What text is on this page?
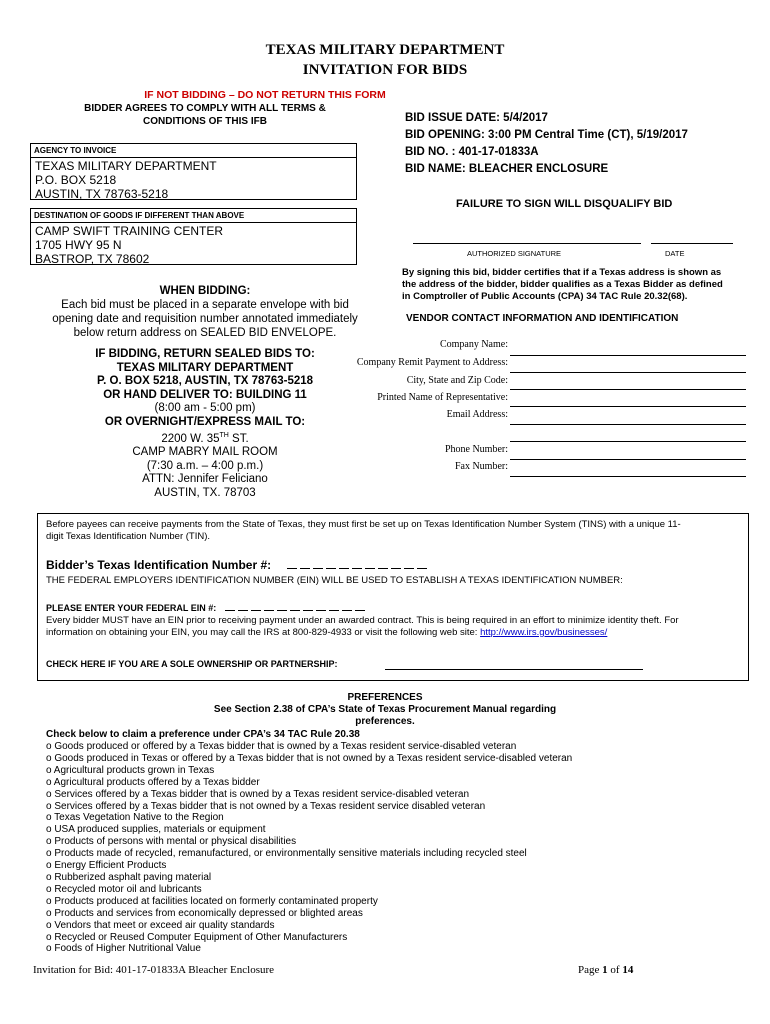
TEXAS MILITARY DEPARTMENT
INVITATION FOR BIDS
IF NOT BIDDING – DO NOT RETURN THIS FORM
BIDDER AGREES TO COMPLY WITH ALL TERMS &
CONDITIONS OF THIS IFB	BID ISSUE DATE: 5/4/2017
BID OPENING: 3:00 PM Central Time (CT), 5/19/2017
BID NO. : 401-17-01833A
BID NAME: BLEACHER ENCLOSURE
AGENCY TO INVOICE
TEXAS MILITARY DEPARTMENT
P.O. BOX 5218
AUSTIN, TX 78763-5218
DESTINATION OF GOODS IF DIFFERENT THAN ABOVE
CAMP SWIFT TRAINING CENTER
1705 HWY 95 N
BASTROP, TX 78602
FAILURE TO SIGN WILL DISQUALIFY BID
AUTHORIZED SIGNATURE	DATE
By signing this bid, bidder certifies that if a Texas address is shown as
the address of the bidder, bidder qualifies as a Texas Bidder as defined
in Comptroller of Public Accounts (CPA) 34 TAC Rule 20.32(68).
WHEN BIDDING:
Each bid must be placed in a separate envelope with bid
opening date and requisition number annotated immediately
below return address on SEALED BID ENVELOPE.
IF BIDDING, RETURN SEALED BIDS TO:
TEXAS MILITARY DEPARTMENT
P. O. BOX 5218, AUSTIN, TX 78763-5218
OR HAND DELIVER TO: BUILDING 11
(8:00 am - 5:00 pm)
OR OVERNIGHT/EXPRESS MAIL TO:
2200 W. 35TH ST.
CAMP MABRY MAIL ROOM
(7:30 a.m. – 4:00 p.m.)
ATTN: Jennifer Feliciano
AUSTIN, TX. 78703
VENDOR CONTACT INFORMATION AND IDENTIFICATION
Company Name:
Company Remit Payment to Address:
City, State and Zip Code:
Printed Name of Representative:
Email Address:
Phone Number:
Fax Number:
Before payees can receive payments from the State of Texas, they must first be set up on Texas Identification Number System (TINS) with a unique 11-
digit Texas Identification Number (TIN).
Bidder’s Texas Identification Number #:
THE FEDERAL EMPLOYERS IDENTIFICATION NUMBER (EIN) WILL BE USED TO ESTABLISH A TEXAS IDENTIFICATION NUMBER:
PLEASE ENTER YOUR FEDERAL EIN #:
Every bidder MUST have an EIN prior to receiving payment under an awarded contract. This is being required in an effort to minimize identity theft. For
information on obtaining your EIN, you may call the IRS at 800-829-4933 or visit the following web site: http://www.irs.gov/businesses/
CHECK HERE IF YOU ARE A SOLE OWNERSHIP OR PARTNERSHIP:
PREFERENCES
See Section 2.38 of CPA’s State of Texas Procurement Manual regarding
preferences.
Check below to claim a preference under CPA’s 34 TAC Rule 20.38
o Goods produced or offered by a Texas bidder that is owned by a Texas resident service-disabled veteran
o Goods produced in Texas or offered by a Texas bidder that is not owned by a Texas resident service-disabled veteran
o Agricultural products grown in Texas
o Agricultural products offered by a Texas bidder
o Services offered by a Texas bidder that is owned by a Texas resident service-disabled veteran
o Services offered by a Texas bidder that is not owned by a Texas resident service disabled veteran
o Texas Vegetation Native to the Region
o USA produced supplies, materials or equipment
o Products of persons with mental or physical disabilities
o Products made of recycled, remanufactured, or environmentally sensitive materials including recycled steel
o Energy Efficient Products
o Rubberized asphalt paving material
o Recycled motor oil and lubricants
o Products produced at facilities located on formerly contaminated property
o Products and services from economically depressed or blighted areas
o Vendors that meet or exceed air quality standards
o Recycled or Reused Computer Equipment of Other Manufacturers
o Foods of Higher Nutritional Value
Invitation for Bid: 401-17-01833A Bleacher Enclosure	Page 1 of 14
